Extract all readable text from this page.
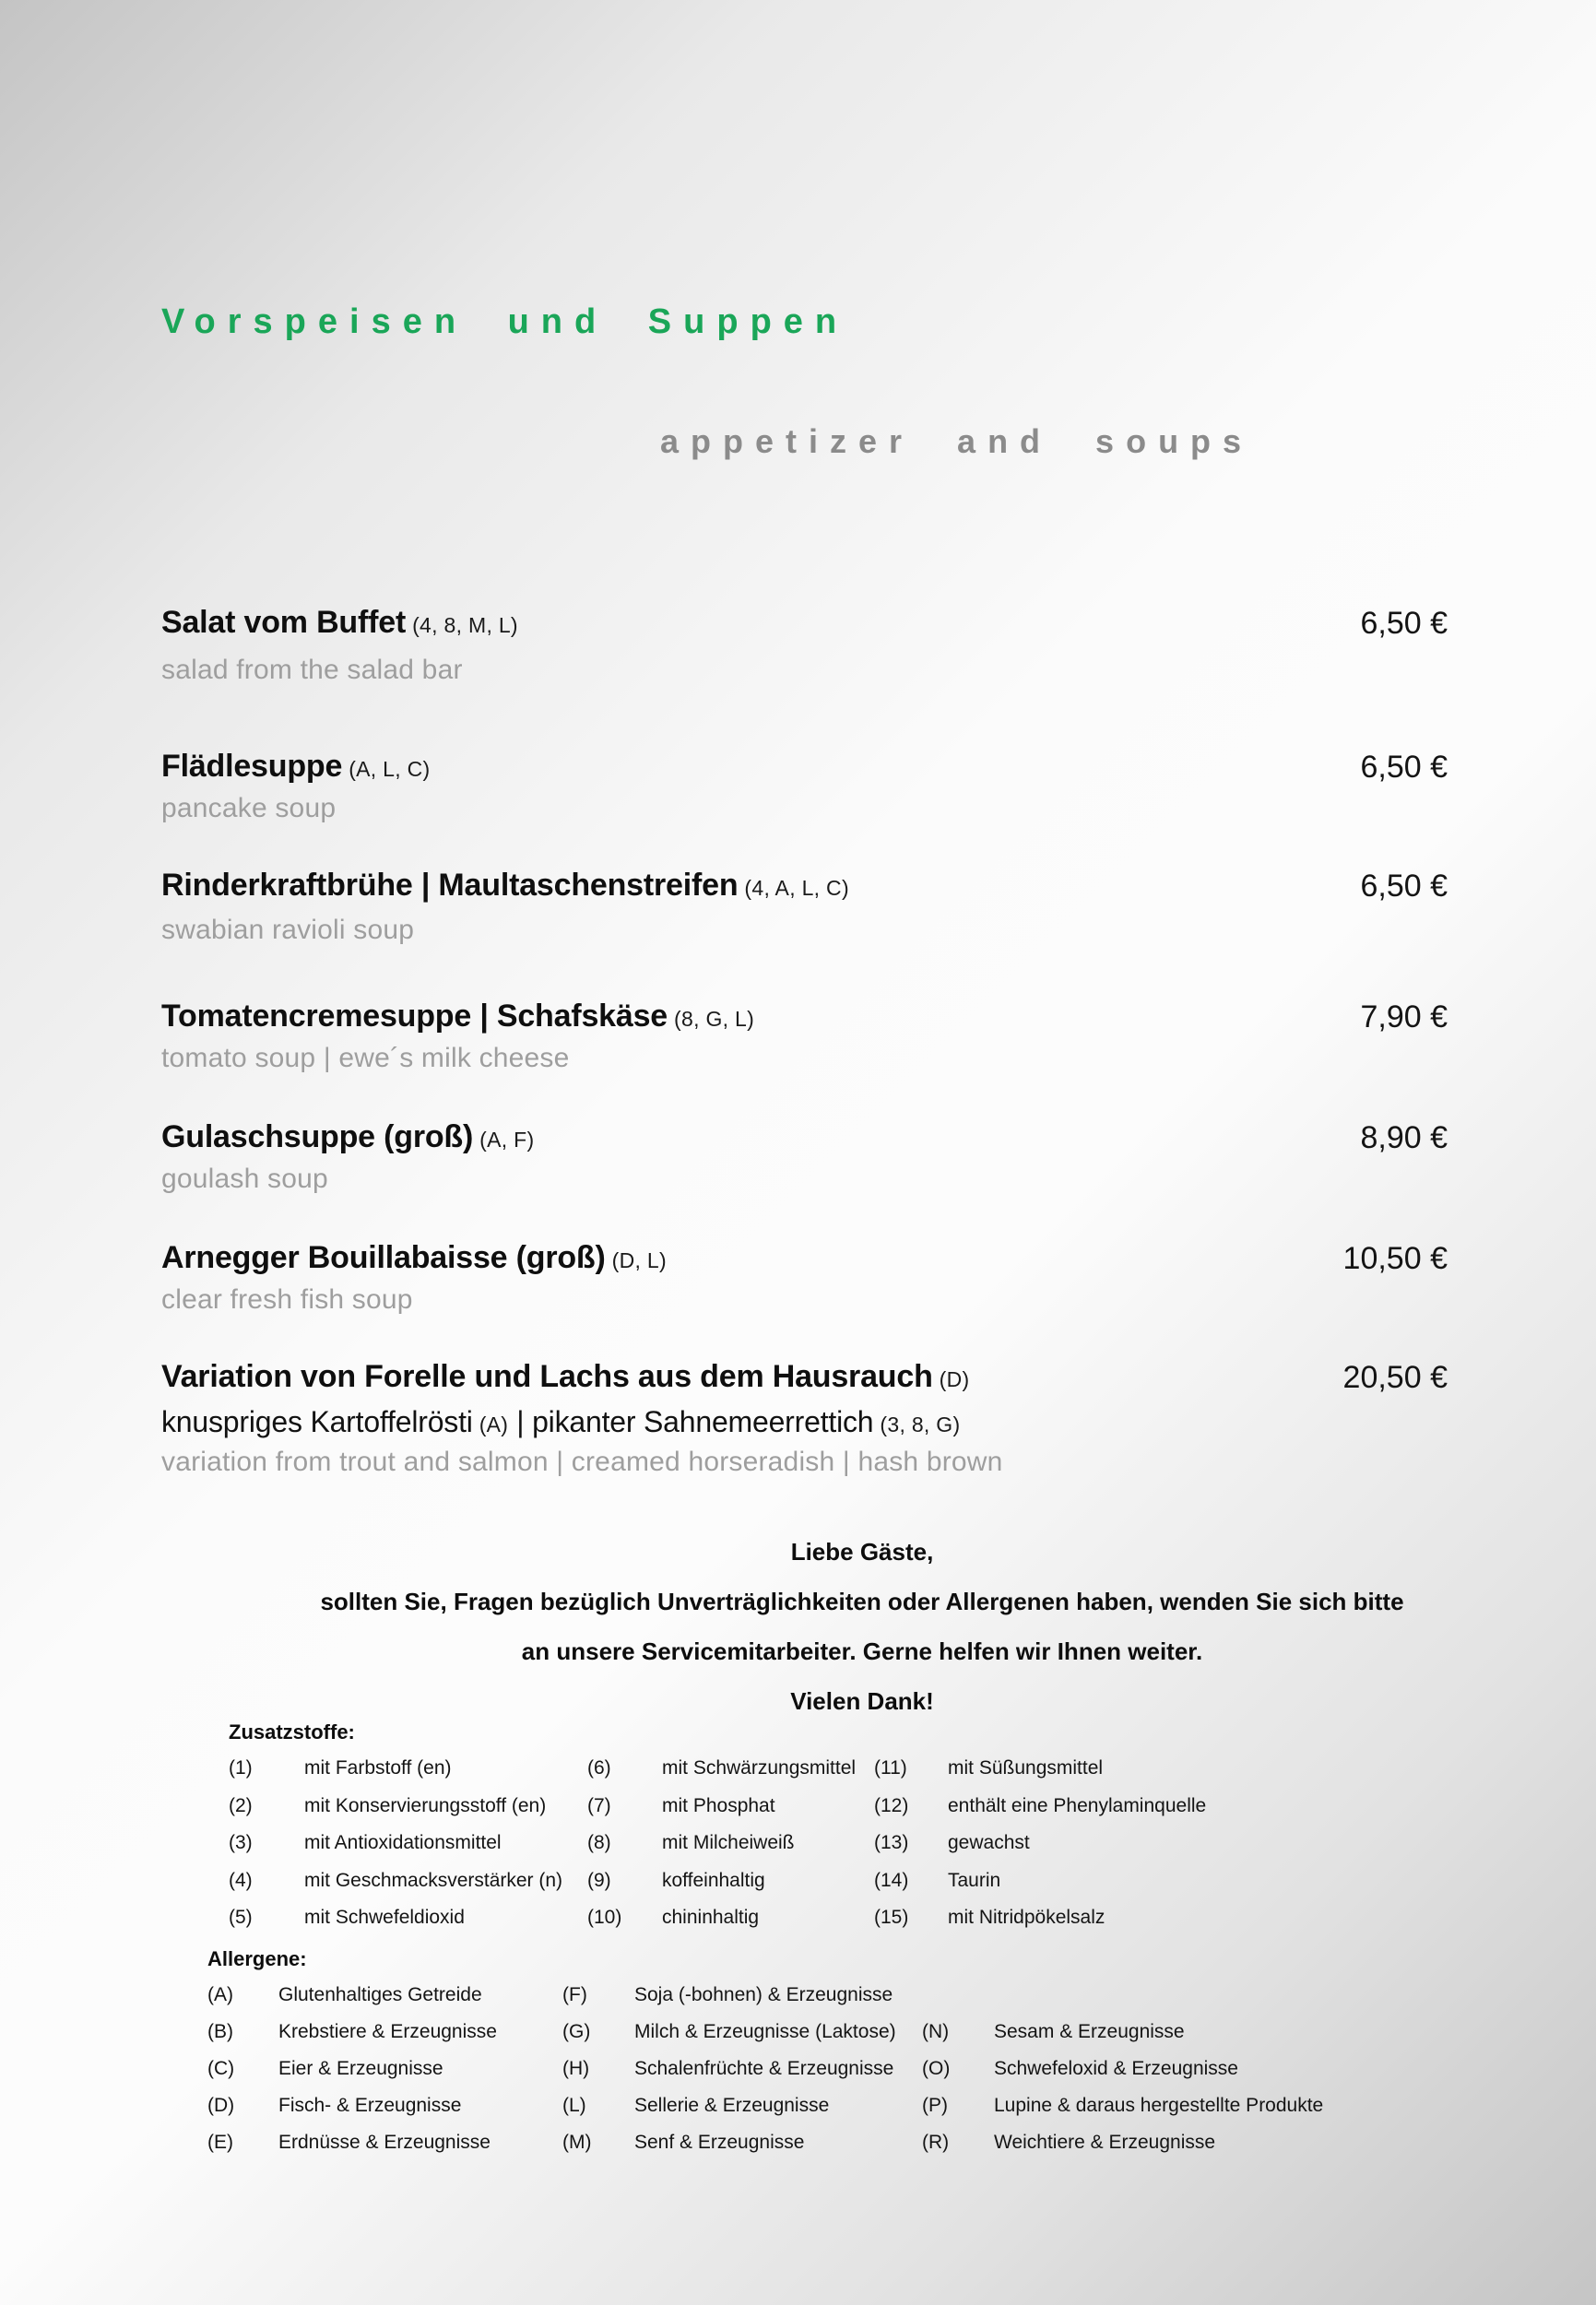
Vorspeisen und Suppen
appetizer and soups
Salat vom Buffet (4, 8, M, L)
salad from the salad bar
6,50 €
Flädlesuppe (A, L, C)
pancake soup
6,50 €
Rinderkraftbrühe | Maultaschenstreifen (4, A, L, C)
swabian ravioli soup
6,50 €
Tomatencremesuppe | Schafskäse (8, G, L)
tomato soup | ewe´s milk cheese
7,90 €
Gulaschsuppe (groß) (A, F)
goulash soup
8,90 €
Arnegger Bouillabaisse (groß) (D, L)
clear fresh fish soup
10,50 €
Variation von Forelle und Lachs aus dem Hausrauch (D)
knuspriges Kartoffelrösti (A) | pikanter Sahnemeerrettich (3, 8, G)
variation from trout and salmon | creamed horseradish | hash brown
20,50 €

Liebe Gäste,

sollten Sie, Fragen bezüglich Unverträglichkeiten oder Allergenen haben, wenden Sie sich bitte

an unsere Servicemitarbeiter. Gerne helfen wir Ihnen weiter.

Vielen Dank!

Zusatzstoffe:
(1)	mit Farbstoff (en)
(2)	mit Konservierungsstoff (en)
(3)	mit Antioxidationsmittel
(4)	mit Geschmacksverstärker (n)
(5)	mit Schwefeldioxid
(6)	mit Schwärzungsmittel
(7)	mit Phosphat
(8)	mit Milcheiweiß
(9)	koffeinhaltig
(10)	chininhaltig
(11)	mit Süßungsmittel
(12)	enthält eine Phenylaminquelle
(13)	gewachst
(14)	Taurin
(15)	mit Nitridpökelsalz
Allergene:
(A)	Glutenhaltiges Getreide
(B)	Krebstiere & Erzeugnisse
(C)	Eier & Erzeugnisse
(D)	Fisch- & Erzeugnisse
(E)	Erdnüsse & Erzeugnisse
(F)	Soja (-bohnen) & Erzeugnisse
(G)	Milch & Erzeugnisse (Laktose)
(H)	Schalenfrüchte & Erzeugnisse
(L)	Sellerie & Erzeugnisse
(M)	Senf & Erzeugnisse
(N)	Sesam & Erzeugnisse
(O)	Schwefeloxid & Erzeugnisse
(P)	Lupine & daraus hergestellte Produkte
(R)	Weichtiere & Erzeugnisse
